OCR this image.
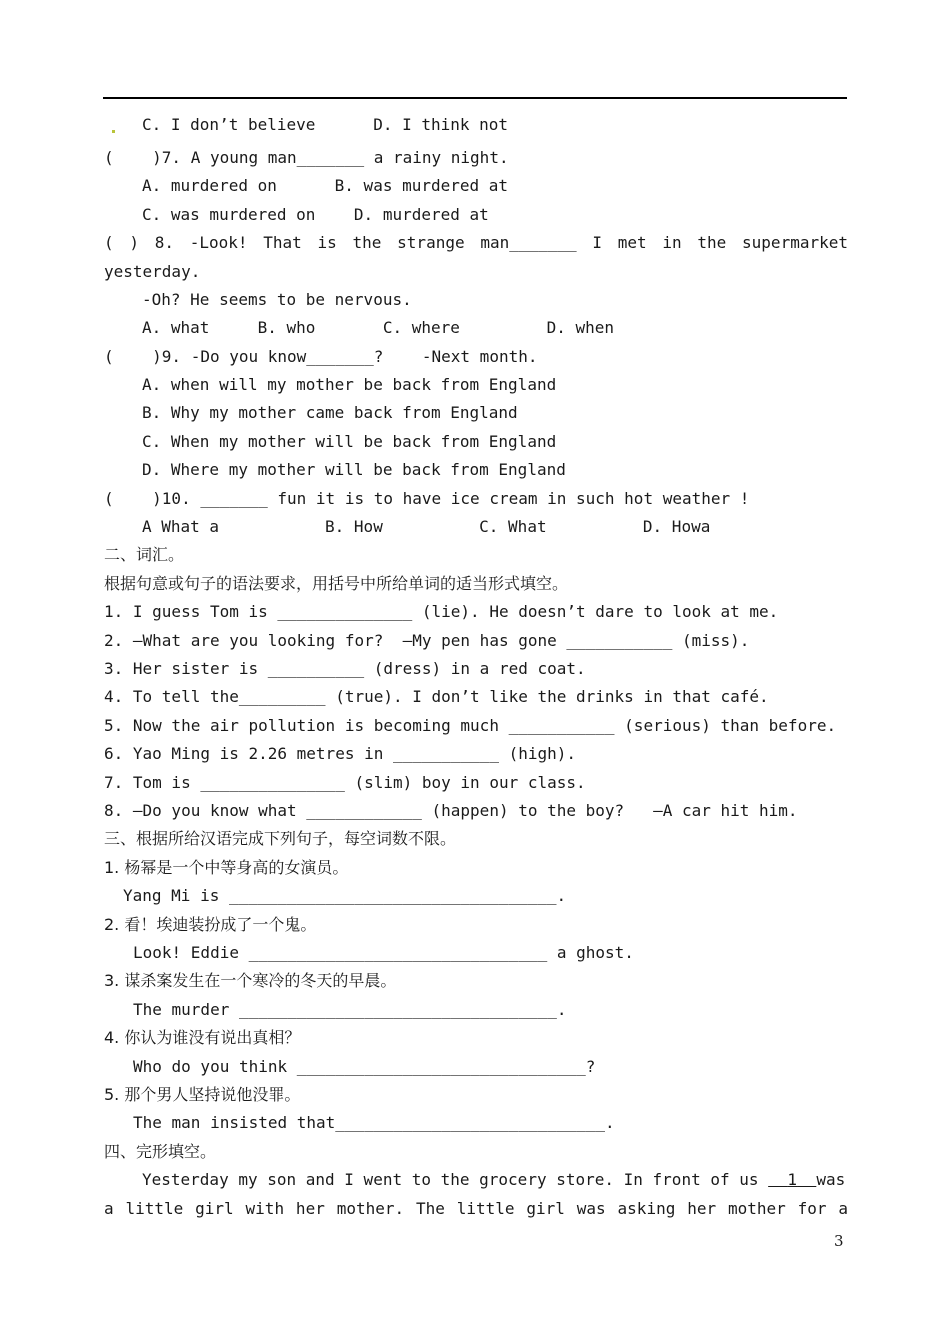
C. I don’t believe      D. I think not
(    )7. A young man_______ a rainy night.
A. murdered on      B. was murdered at
C. was murdered on    D. murdered at
( ) 8. -Look! That is the strange man_______ I met in the supermarket
yesterday.
-Oh? He seems to be nervous.
A. what     B. who       C. where         D. when
(    )9. -Do you know_______?    -Next month.
A. when will my mother be back from England
B. Why my mother came back from England
C. When my mother will be back from England
D. Where my mother will be back from England
(    )10. _______ fun it is to have ice cream in such hot weather !
A What a           B. How          C. What          D. Howa
二、词汇。
根据句意或句子的语法要求，用括号中所给单词的适当形式填空。
1. I guess Tom is ______________ (lie). He doesn’t dare to look at me.
2. —What are you looking for?  —My pen has gone ___________ (miss).
3. Her sister is __________ (dress) in a red coat.
4. To tell the_________ (true). I don’t like the drinks in that café.
5. Now the air pollution is becoming much ___________ (serious) than before.
6. Yao Ming is 2.26 metres in ___________ (high).
7. Tom is _______________ (slim) boy in our class.
8. —Do you know what ____________ (happen) to the boy?   —A car hit him.
三、根据所给汉语完成下列句子，每空词数不限。
1. 杨幂是一个中等身高的女演员。
Yang Mi is __________________________________.
2. 看！埃迪装扮成了一个鬼。
Look! Eddie _______________________________ a ghost.
3. 谋杀案发生在一个寒冷的冬天的早晨。
The murder _________________________________.
4. 你认为谁没有说出真相？
Who do you think ______________________________?
5. 那个男人坚持说他没罪。
The man insisted that____________________________.
四、完形填空。
Yesterday my son and I went to the grocery store. In front of us 1 was
a little girl with her mother. The little girl was asking her mother for a
3
